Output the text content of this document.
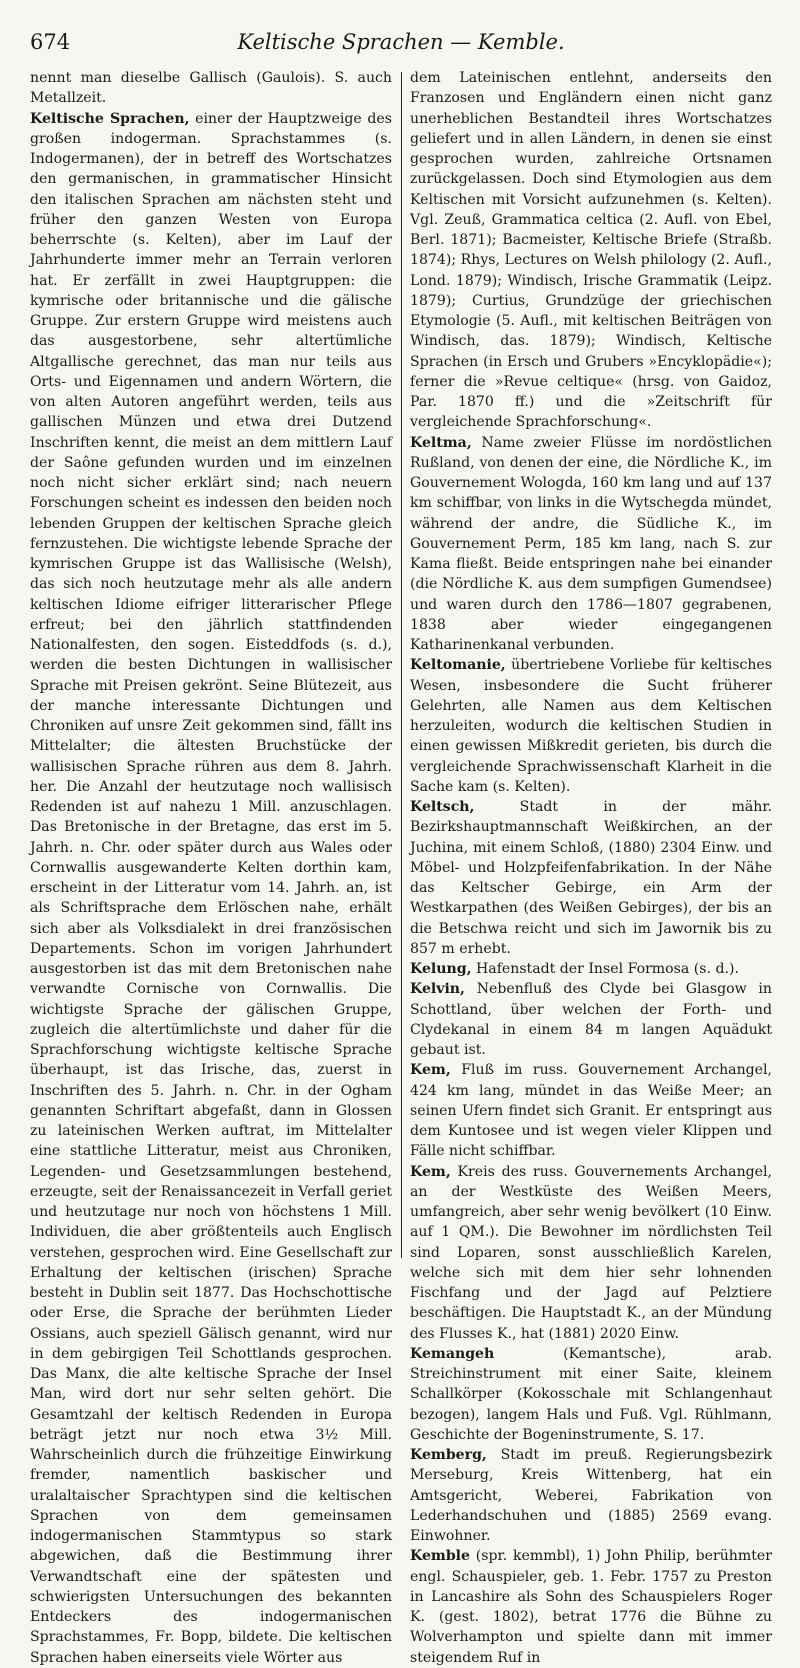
674	Keltische Sprachen — Kemble.

nennt man dieselbe Gallisch (Gaulois). S. auch Metallzeit.

Keltische Sprachen, einer der Hauptzweige des großen indogerman. Sprachstammes (s. Indogermanen), der in betreff des Wortschatzes den germanischen, in grammatischer Hinsicht den italischen Sprachen am nächsten steht und früher den ganzen Westen von Europa beherrschte (s. Kelten), aber im Lauf der Jahrhunderte immer mehr an Terrain verloren hat. Er zerfällt in zwei Hauptgruppen: die kymrische oder britannische und die gälische Gruppe. Zur erstern Gruppe wird meistens auch das ausgestorbene, sehr altertümliche Altgallische gerechnet, das man nur teils aus Orts- und Eigennamen und andern Wörtern, die von alten Autoren angeführt werden, teils aus gallischen Münzen und etwa drei Dutzend Inschriften kennt, die meist an dem mittlern Lauf der Saône gefunden wurden und im einzelnen noch nicht sicher erklärt sind; nach neuern Forschungen scheint es indessen den beiden noch lebenden Gruppen der keltischen Sprache gleich fernzustehen. Die wichtigste lebende Sprache der kymrischen Gruppe ist das Wallisische (Welsh), das sich noch heutzutage mehr als alle andern keltischen Idiome eifriger litterarischer Pflege erfreut; bei den jährlich stattfindenden Nationalfesten, den sogen. Eisteddfods (s. d.), werden die besten Dichtungen in wallisischer Sprache mit Preisen gekrönt. Seine Blütezeit, aus der manche interessante Dichtungen und Chroniken auf unsre Zeit gekommen sind, fällt ins Mittelalter; die ältesten Bruchstücke der wallisischen Sprache rühren aus dem 8. Jahrh. her. Die Anzahl der heutzutage noch wallisisch Redenden ist auf nahezu 1 Mill. anzuschlagen. Das Bretonische in der Bretagne, das erst im 5. Jahrh. n. Chr. oder später durch aus Wales oder Cornwallis ausgewanderte Kelten dorthin kam, erscheint in der Litteratur vom 14. Jahrh. an, ist als Schriftsprache dem Erlöschen nahe, erhält sich aber als Volksdialekt in drei französischen Departements. Schon im vorigen Jahrhundert ausgestorben ist das mit dem Bretonischen nahe verwandte Cornische von Cornwallis. Die wichtigste Sprache der gälischen Gruppe, zugleich die altertümlichste und daher für die Sprachforschung wichtigste keltische Sprache überhaupt, ist das Irische, das, zuerst in Inschriften des 5. Jahrh. n. Chr. in der Ogham genannten Schriftart abgefaßt, dann in Glossen zu lateinischen Werken auftrat, im Mittelalter eine stattliche Litteratur, meist aus Chroniken, Legenden- und Gesetzsammlungen bestehend, erzeugte, seit der Renaissancezeit in Verfall geriet und heutzutage nur noch von höchstens 1 Mill. Individuen, die aber größtenteils auch Englisch verstehen, gesprochen wird. Eine Gesellschaft zur Erhaltung der keltischen (irischen) Sprache besteht in Dublin seit 1877. Das Hochschottische oder Erse, die Sprache der berühmten Lieder Ossians, auch speziell Gälisch genannt, wird nur in dem gebirgigen Teil Schottlands gesprochen. Das Manx, die alte keltische Sprache der Insel Man, wird dort nur sehr selten gehört. Die Gesamtzahl der keltisch Redenden in Europa beträgt jetzt nur noch etwa 3½ Mill. Wahrscheinlich durch die frühzeitige Einwirkung fremder, namentlich baskischer und uralaltaischer Sprachtypen sind die keltischen Sprachen von dem gemeinsamen indogermanischen Stammtypus so stark abgewichen, daß die Bestimmung ihrer Verwandtschaft eine der spätesten und schwierigsten Untersuchungen des bekannten Entdeckers des indogermanischen Sprachstammes, Fr. Bopp, bildete. Die keltischen Sprachen haben einerseits viele Wörter aus

dem Lateinischen entlehnt, anderseits den Franzosen und Engländern einen nicht ganz unerheblichen Bestandteil ihres Wortschatzes geliefert und in allen Ländern, in denen sie einst gesprochen wurden, zahlreiche Ortsnamen zurückgelassen. Doch sind Etymologien aus dem Keltischen mit Vorsicht aufzunehmen (s. Kelten). Vgl. Zeuß, Grammatica celtica (2. Aufl. von Ebel, Berl. 1871); Bacmeister, Keltische Briefe (Straßb. 1874); Rhys, Lectures on Welsh philology (2. Aufl., Lond. 1879); Windisch, Irische Grammatik (Leipz. 1879); Curtius, Grundzüge der griechischen Etymologie (5. Aufl., mit keltischen Beiträgen von Windisch, das. 1879); Windisch, Keltische Sprachen (in Ersch und Grubers »Encyklopädie«); ferner die »Revue celtique« (hrsg. von Gaidoz, Par. 1870 ff.) und die »Zeitschrift für vergleichende Sprachforschung«.

Keltma, Name zweier Flüsse im nordöstlichen Rußland, von denen der eine, die Nördliche K., im Gouvernement Wologda, 160 km lang und auf 137 km schiffbar, von links in die Wytschegda mündet, während der andre, die Südliche K., im Gouvernement Perm, 185 km lang, nach S. zur Kama fließt. Beide entspringen nahe bei einander (die Nördliche K. aus dem sumpfigen Gumendsee) und waren durch den 1786—1807 gegrabenen, 1838 aber wieder eingegangenen Katharinenkanal verbunden.

Keltomanie, übertriebene Vorliebe für keltisches Wesen, insbesondere die Sucht früherer Gelehrten, alle Namen aus dem Keltischen herzuleiten, wodurch die keltischen Studien in einen gewissen Mißkredit gerieten, bis durch die vergleichende Sprachwissenschaft Klarheit in die Sache kam (s. Kelten).

Keltsch, Stadt in der mähr. Bezirkshauptmannschaft Weißkirchen, an der Juchina, mit einem Schloß, (1880) 2304 Einw. und Möbel- und Holzpfeifenfabrikation. In der Nähe das Keltscher Gebirge, ein Arm der Westkarpathen (des Weißen Gebirges), der bis an die Betschwa reicht und sich im Jawornik bis zu 857 m erhebt.

Kelung, Hafenstadt der Insel Formosa (s. d.).

Kelvin, Nebenfluß des Clyde bei Glasgow in Schottland, über welchen der Forth- und Clydekanal in einem 84 m langen Aquädukt gebaut ist.

Kem, Fluß im russ. Gouvernement Archangel, 424 km lang, mündet in das Weiße Meer; an seinen Ufern findet sich Granit. Er entspringt aus dem Kuntosee und ist wegen vieler Klippen und Fälle nicht schiffbar.

Kem, Kreis des russ. Gouvernements Archangel, an der Westküste des Weißen Meers, umfangreich, aber sehr wenig bevölkert (10 Einw. auf 1 QM.). Die Bewohner im nördlichsten Teil sind Loparen, sonst ausschließlich Karelen, welche sich mit dem hier sehr lohnenden Fischfang und der Jagd auf Pelztiere beschäftigen. Die Hauptstadt K., an der Mündung des Flusses K., hat (1881) 2020 Einw.

Kemangeh (Kemantsche), arab. Streichinstrument mit einer Saite, kleinem Schallkörper (Kokosschale mit Schlangenhaut bezogen), langem Hals und Fuß. Vgl. Rühlmann, Geschichte der Bogeninstrumente, S. 17.

Kemberg, Stadt im preuß. Regierungsbezirk Merseburg, Kreis Wittenberg, hat ein Amtsgericht, Weberei, Fabrikation von Lederhandschuhen und (1885) 2569 evang. Einwohner.

Kemble (spr. kemmbl), 1) John Philip, berühmter engl. Schauspieler, geb. 1. Febr. 1757 zu Preston in Lancashire als Sohn des Schauspielers Roger K. (gest. 1802), betrat 1776 die Bühne zu Wolverhampton und spielte dann mit immer steigendem Ruf in
